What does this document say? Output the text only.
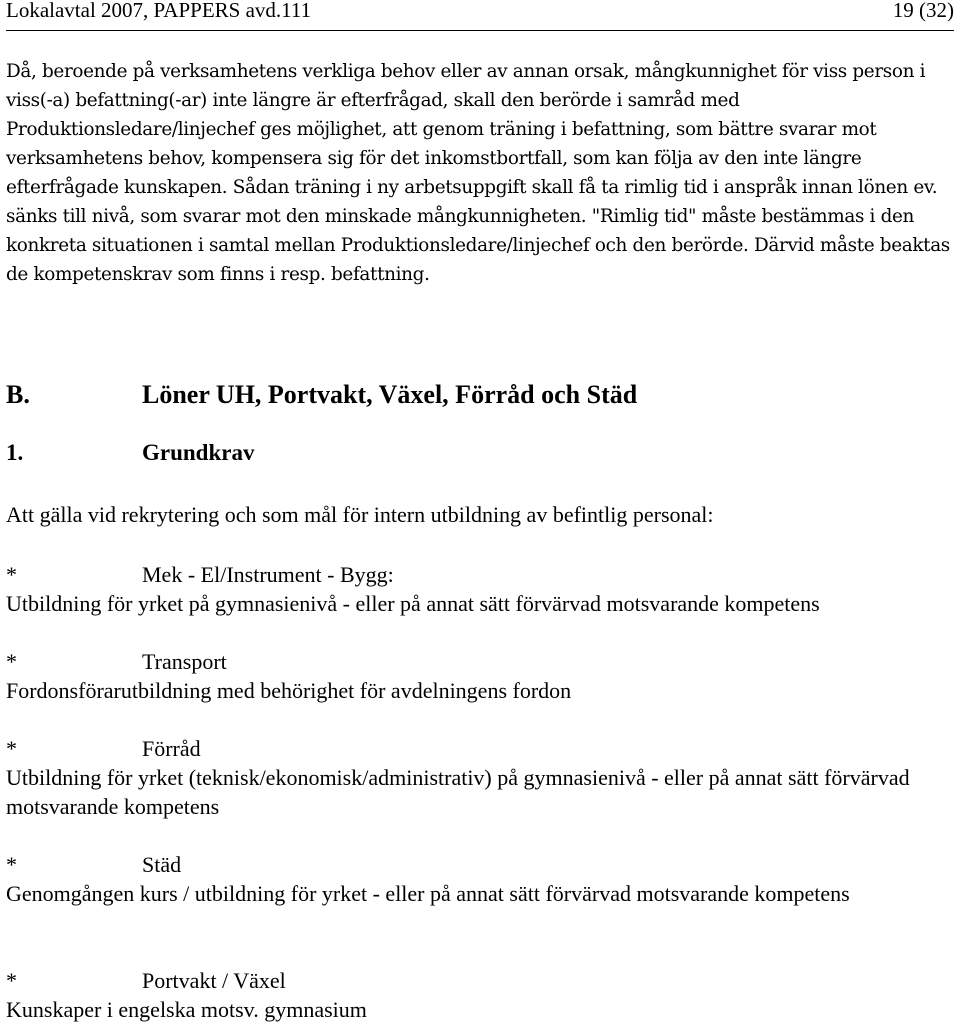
Lokalavtal 2007, PAPPERS avd.111	19 (32)
Då, beroende på verksamhetens verkliga behov eller av annan orsak, mångkunnighet för viss person i viss(-a) befattning(-ar) inte längre är efterfrågad, skall den berörde i samråd med Produktionsledare/linjechef ges möjlighet, att genom träning i befattning, som bättre svarar mot verksamhetens behov, kompensera sig för det inkomstbortfall, som kan följa av den inte längre efterfrågade kunskapen. Sådan träning i ny arbetsuppgift skall få ta rimlig tid i anspråk innan lönen ev. sänks till nivå, som svarar mot den minskade mångkunnigheten. "Rimlig tid" måste bestämmas i den konkreta situationen i samtal mellan Produktionsledare/linjechef och den berörde. Därvid måste beaktas de kompetenskrav som finns i resp. befattning.
B.	Löner UH, Portvakt, Växel, Förråd och Städ
1.	Grundkrav
Att gälla vid rekrytering och som mål för intern utbildning av befintlig personal:
*	Mek - El/Instrument - Bygg:
Utbildning för yrket på gymnasienivå - eller på annat sätt förvärvad motsvarande kompetens
*	Transport
Fordonsförarutbildning med behörighet för avdelningens fordon
*	Förråd
Utbildning för yrket (teknisk/ekonomisk/administrativ) på gymnasienivå - eller på annat sätt förvärvad motsvarande kompetens
*	Städ
Genomgången kurs / utbildning för yrket - eller på annat sätt förvärvad motsvarande kompetens
*	Portvakt / Växel
Kunskaper i engelska motsv. gymnasium
